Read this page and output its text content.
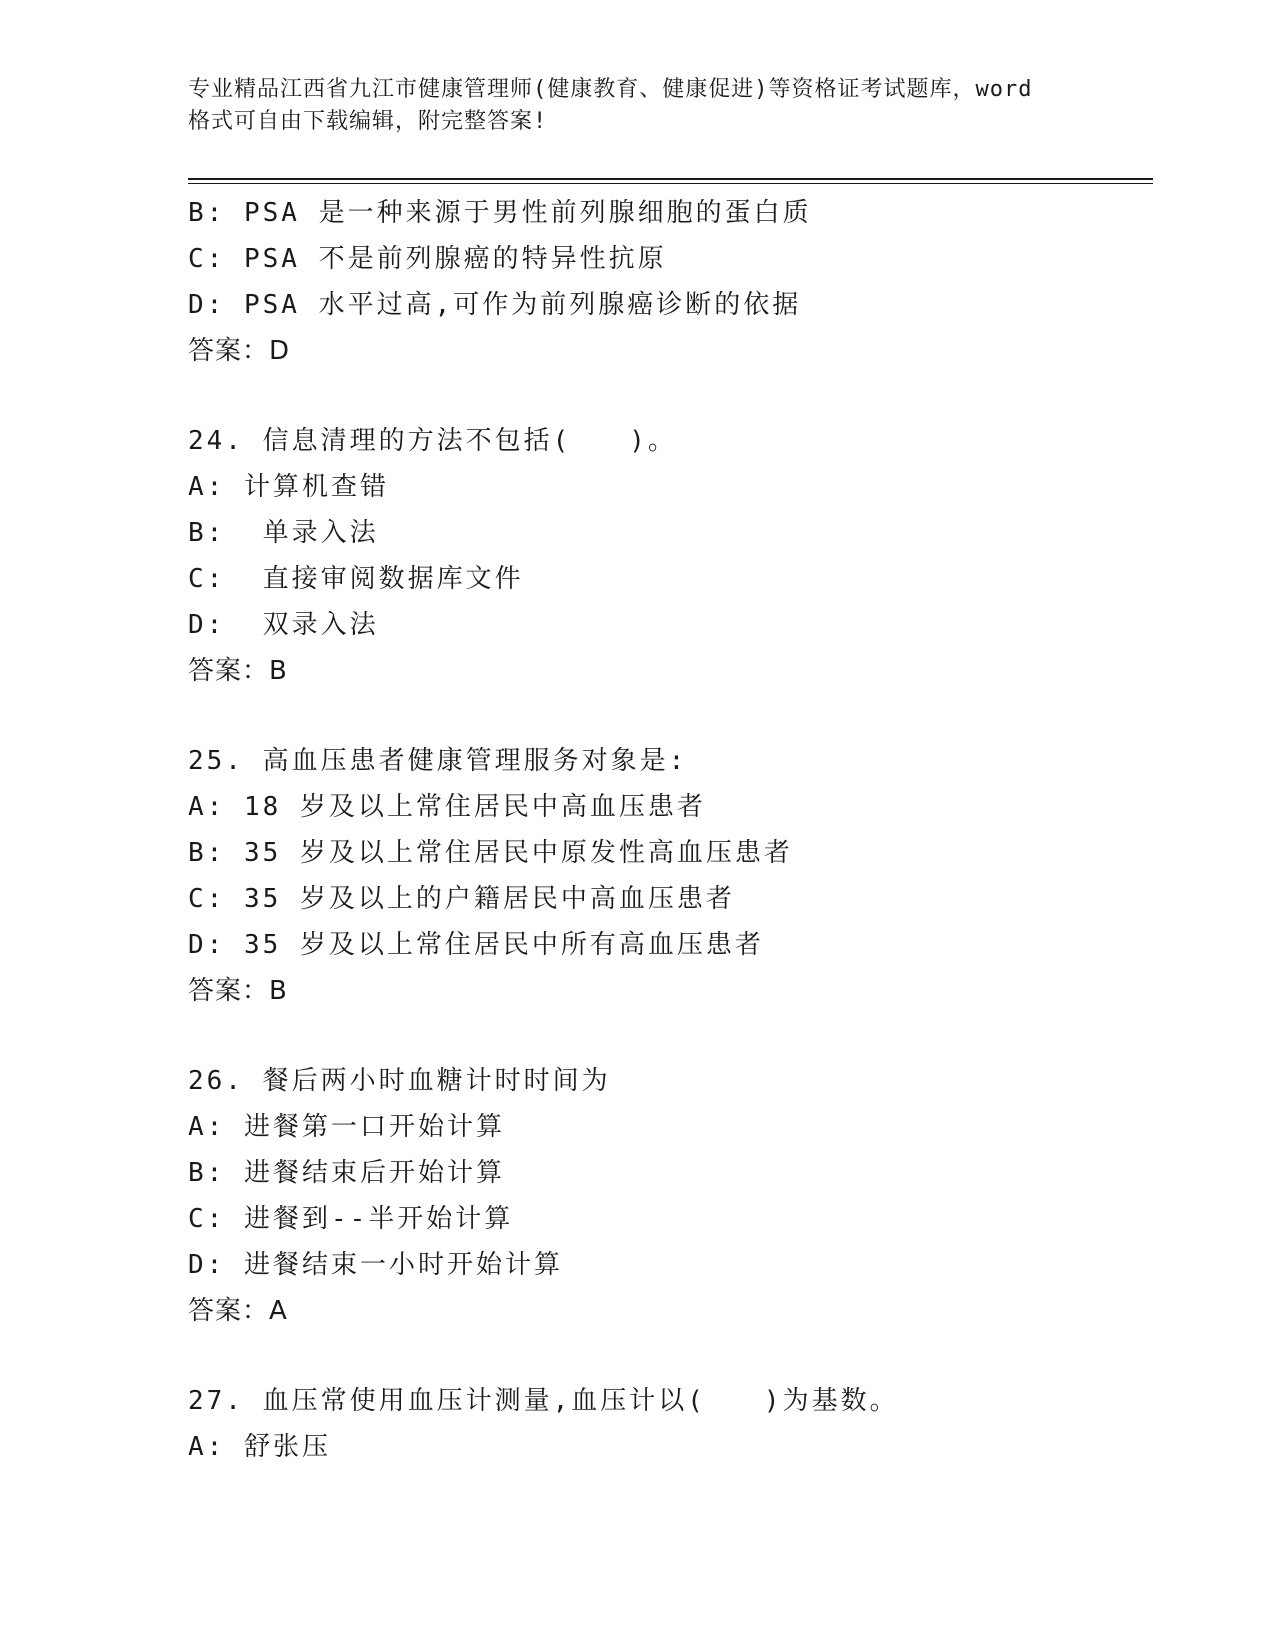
专业精品江西省九江市健康管理师(健康教育、健康促进)等资格证考试题库，word
格式可自由下载编辑，附完整答案!
B: PSA 是一种来源于男性前列腺细胞的蛋白质
C: PSA 不是前列腺癌的特异性抗原
D: PSA 水平过高,可作为前列腺癌诊断的依据
答案：D
24. 信息清理的方法不包括(　　)。
A: 计算机查错
B:  单录入法
C:  直接审阅数据库文件
D:  双录入法
答案：B
25. 高血压患者健康管理服务对象是:
A: 18 岁及以上常住居民中高血压患者
B: 35 岁及以上常住居民中原发性高血压患者
C: 35 岁及以上的户籍居民中高血压患者
D: 35 岁及以上常住居民中所有高血压患者
答案：B
26. 餐后两小时血糖计时时间为
A: 进餐第一口开始计算
B: 进餐结束后开始计算
C: 进餐到--半开始计算
D: 进餐结束一小时开始计算
答案：A
27. 血压常使用血压计测量,血压计以(　　)为基数。
A: 舒张压
